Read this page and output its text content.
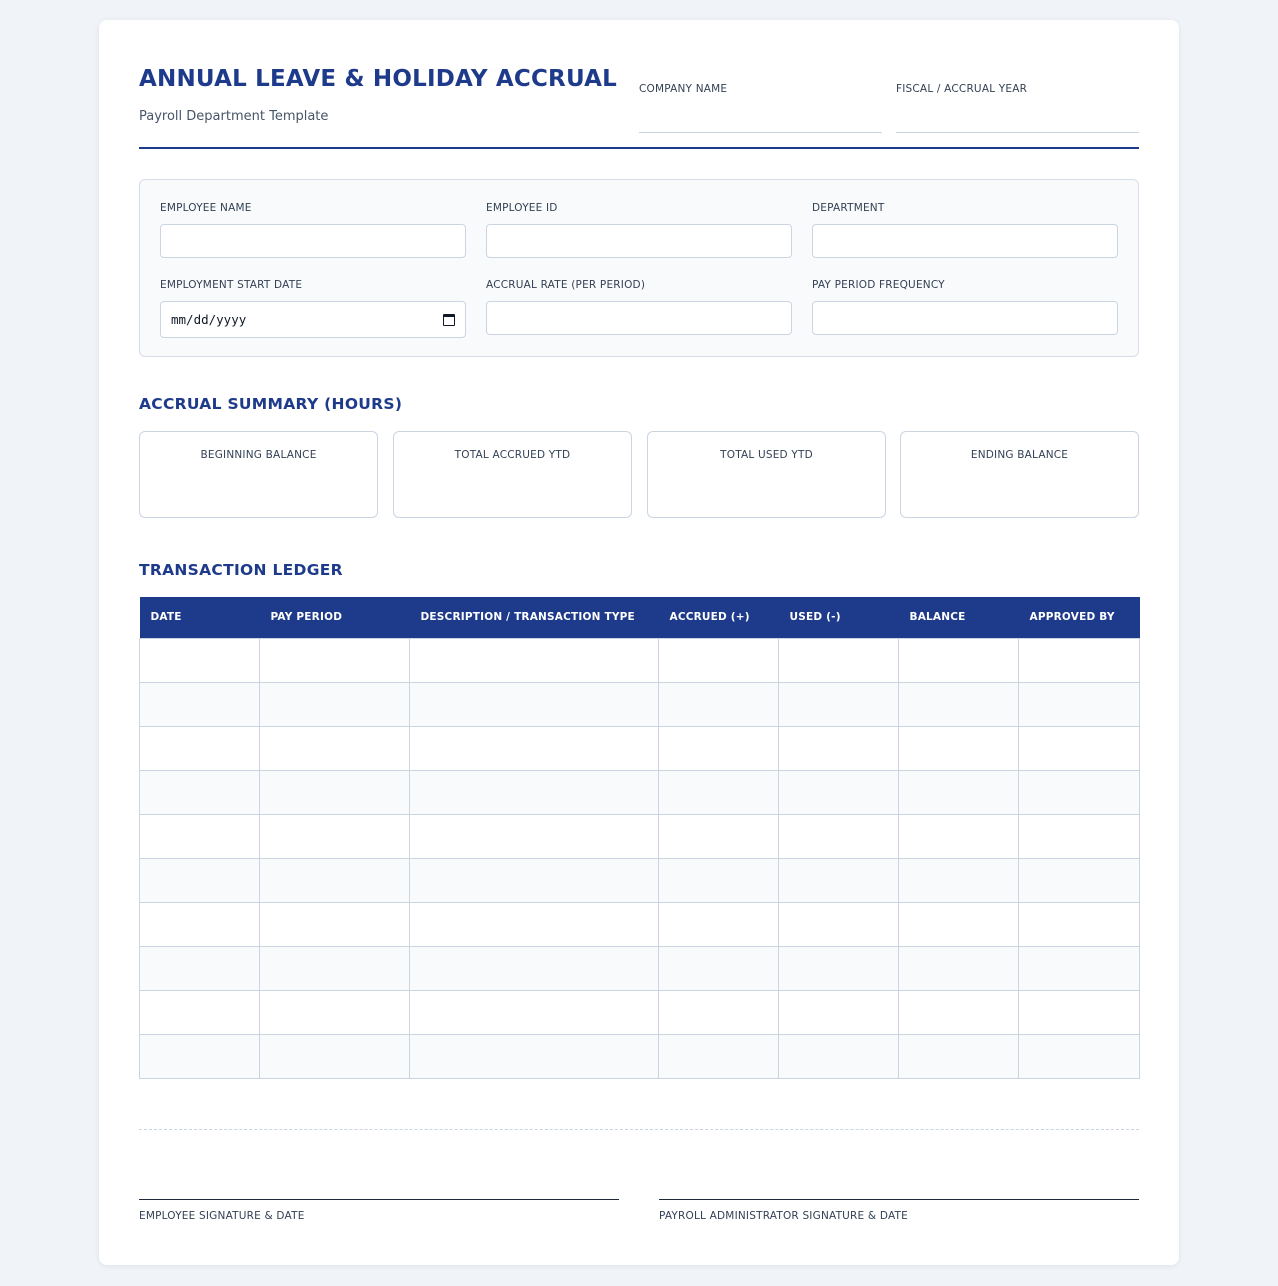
ANNUAL LEAVE & HOLIDAY ACCRUAL
Payroll Department Template
COMPANY NAME	FISCAL / ACCRUAL YEAR
EMPLOYEE NAME	EMPLOYEE ID	DEPARTMENT
EMPLOYMENT START DATE
mm/dd/yyyy
ACCRUAL RATE (PER PERIOD)	PAY PERIOD FREQUENCY
ACCRUAL SUMMARY (HOURS)
BEGINNING BALANCE	TOTAL ACCRUED YTD	TOTAL USED YTD	ENDING BALANCE
TRANSACTION LEDGER
DATE	PAY PERIOD	DESCRIPTION / TRANSACTION TYPE	ACCRUED (+)	USED (-)	BALANCE	APPROVED BY

EMPLOYEE SIGNATURE & DATE	PAYROLL ADMINISTRATOR SIGNATURE & DATE
